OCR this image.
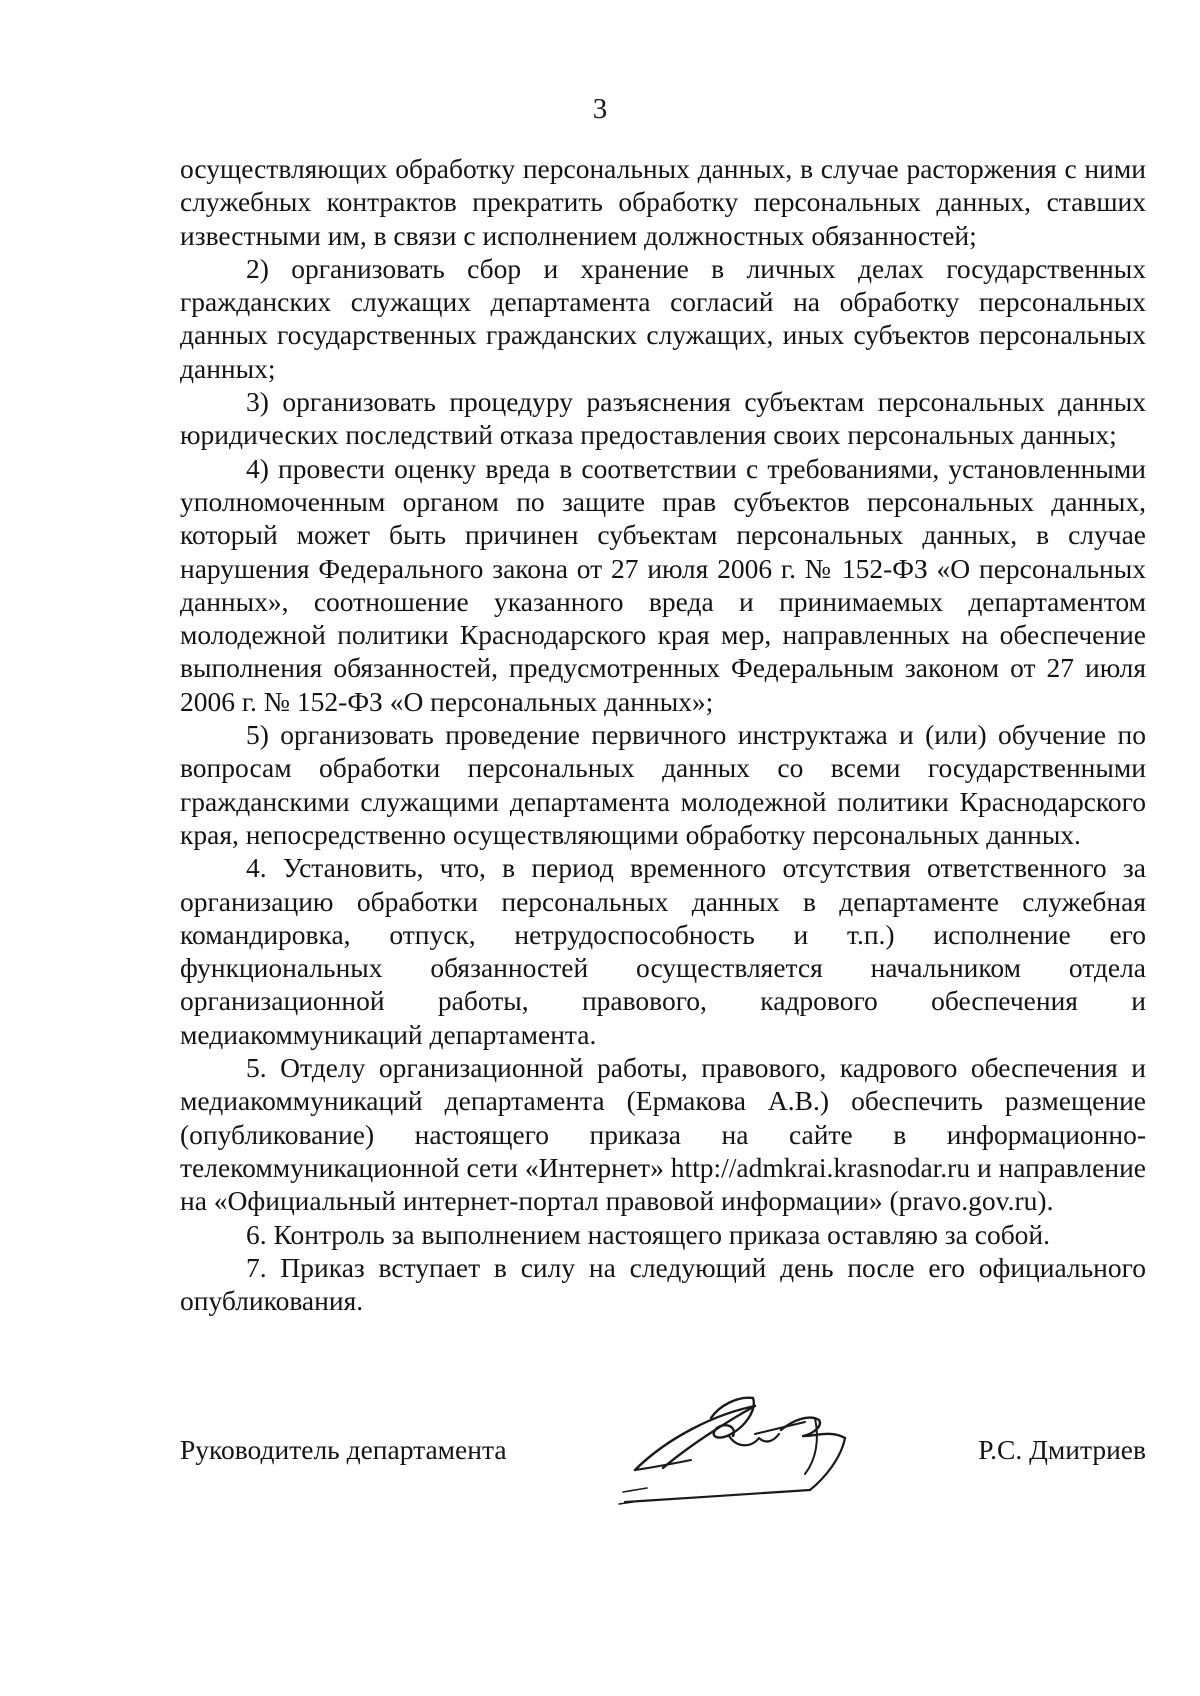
3

осуществляющих обработку персональных данных, в случае расторжения с ними служебных контрактов прекратить обработку персональных данных, ставших известными им, в связи с исполнением должностных обязанностей;

2) организовать сбор и хранение в личных делах государственных гражданских служащих департамента согласий на обработку персональных данных государственных гражданских служащих, иных субъектов персональных данных;

3) организовать процедуру разъяснения субъектам персональных данных юридических последствий отказа предоставления своих персональных данных;

4) провести оценку вреда в соответствии с требованиями, установленными уполномоченным органом по защите прав субъектов персональных данных, который может быть причинен субъектам персональных данных, в случае нарушения Федерального закона от 27 июля 2006 г. № 152-ФЗ «О персональных данных», соотношение указанного вреда и принимаемых департаментом молодежной политики Краснодарского края мер, направленных на обеспечение выполнения обязанностей, предусмотренных Федеральным законом от 27 июля 2006 г. № 152-ФЗ «О персональных данных»;

5) организовать проведение первичного инструктажа и (или) обучение по вопросам обработки персональных данных со всеми государственными гражданскими служащими департамента молодежной политики Краснодарского края, непосредственно осуществляющими обработку персональных данных.

4. Установить, что, в период временного отсутствия ответственного за организацию обработки персональных данных в департаменте служебная командировка, отпуск, нетрудоспособность и т.п.) исполнение его функциональных обязанностей осуществляется начальником отдела организационной работы, правового, кадрового обеспечения и медиакоммуникаций департамента.

5. Отделу организационной работы, правового, кадрового обеспечения и медиакоммуникаций департамента (Ермакова А.В.) обеспечить размещение (опубликование) настоящего приказа на сайте в информационно-телекоммуникационной сети «Интернет» http://admkrai.krasnodar.ru и направление на «Официальный интернет-портал правовой информации» (pravo.gov.ru).

6. Контроль за выполнением настоящего приказа оставляю за собой.

7. Приказ вступает в силу на следующий день после его официального опубликования.

Руководитель департамента	Р.С. Дмитриев
